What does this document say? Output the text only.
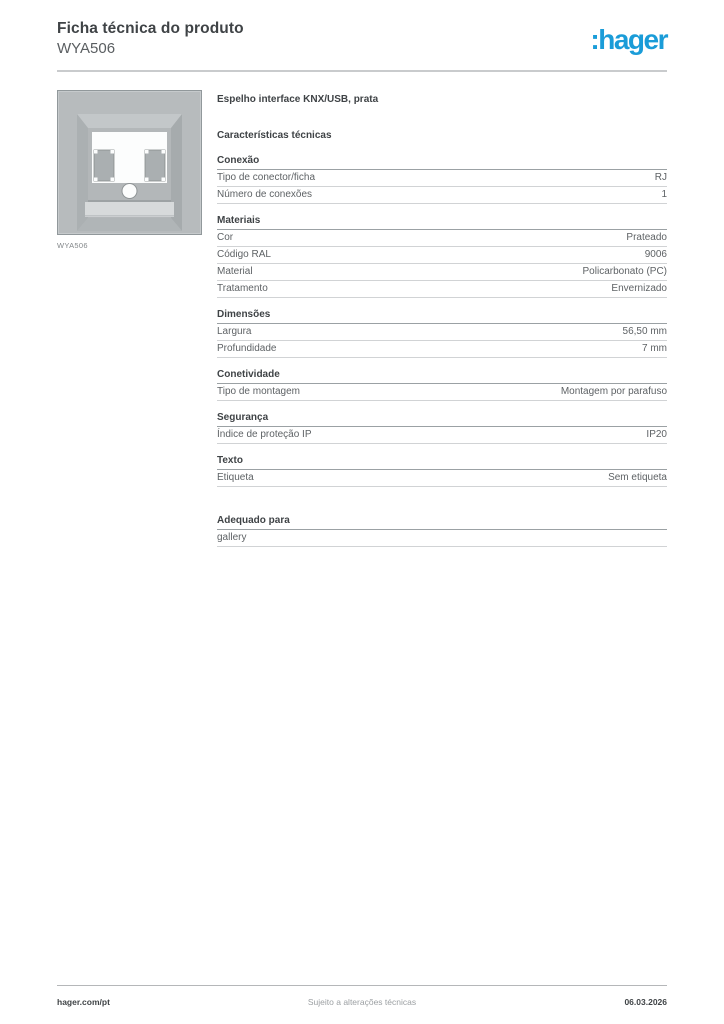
Ficha técnica do produto
WYA506	:hager
WYA506
Espelho interface KNX/USB, prata
Características técnicas
Conexão
Tipo de conector/ficha	RJ
Número de conexões	1
Materiais
Cor	Prateado
Código RAL	9006
Material	Policarbonato (PC)
Tratamento	Envernizado
Dimensões
Largura	56,50 mm
Profundidade	7 mm
Conetividade
Tipo de montagem	Montagem por parafuso
Segurança
Índice de proteção IP	IP20
Texto
Etiqueta	Sem etiqueta
Adequado para
gallery
hager.com/pt	Sujeito a alterações técnicas	06.03.2026
